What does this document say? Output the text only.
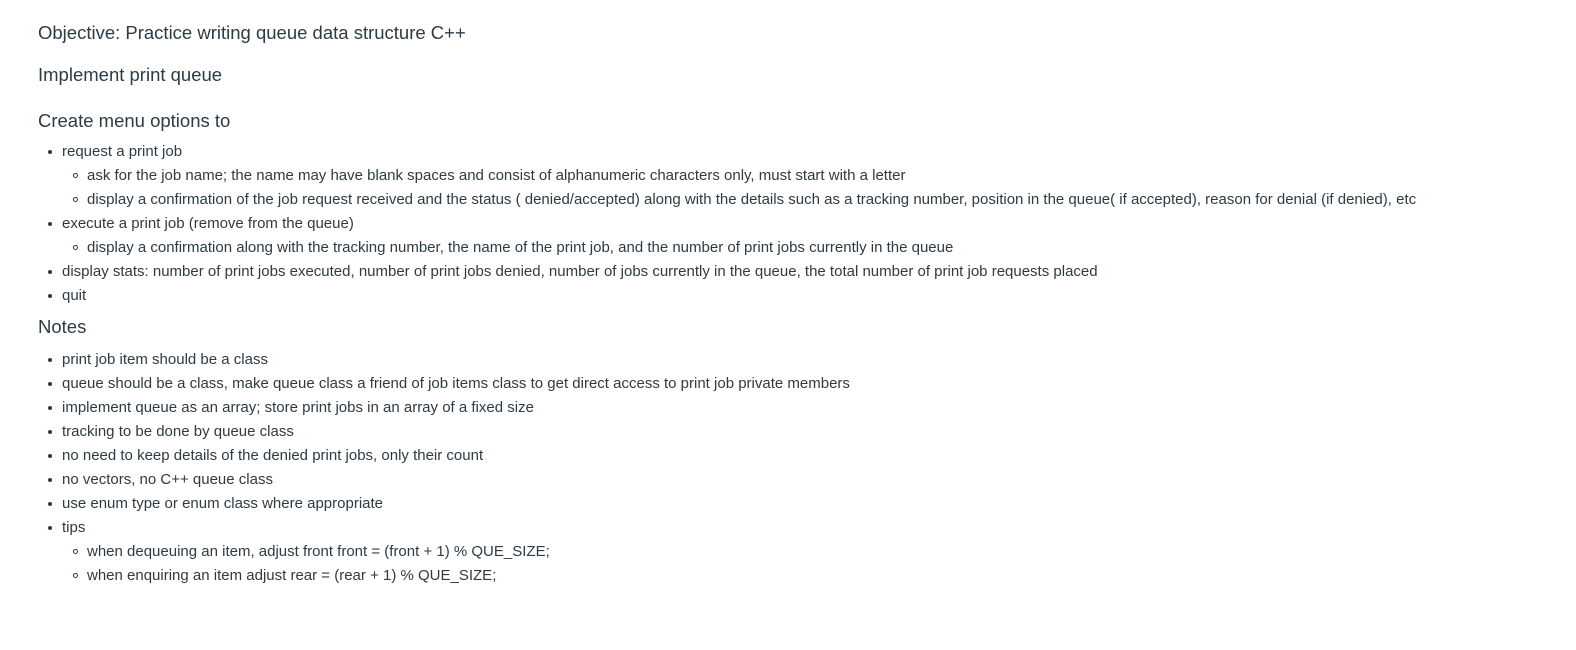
Objective: Practice writing queue data structure C++
Implement print queue
Create menu options to
request a print job
ask for the job name; the name may have blank spaces and consist of alphanumeric characters only, must start with a letter
display a confirmation of the job request received and the status ( denied/accepted) along with the details such as a tracking number, position in the queue( if accepted), reason for denial (if denied), etc
execute a print job (remove from the queue)
display a confirmation along with the tracking number, the name of the print job, and the number of print jobs currently in the queue
display stats: number of print jobs executed, number of print jobs denied, number of jobs currently in the queue, the total number of print job requests placed
quit
Notes
print job item should be a class
queue should be a class, make queue class a friend of job items class to get direct access to print job private members
implement queue as an array; store print jobs in an array of a fixed size
tracking to be done by queue class
no need to keep details of the denied print jobs, only their count
no vectors, no C++ queue class
use enum type or enum class where appropriate
tips
when dequeuing an item, adjust front front = (front + 1) % QUE_SIZE;
when enquiring an item adjust rear = (rear + 1) % QUE_SIZE;
